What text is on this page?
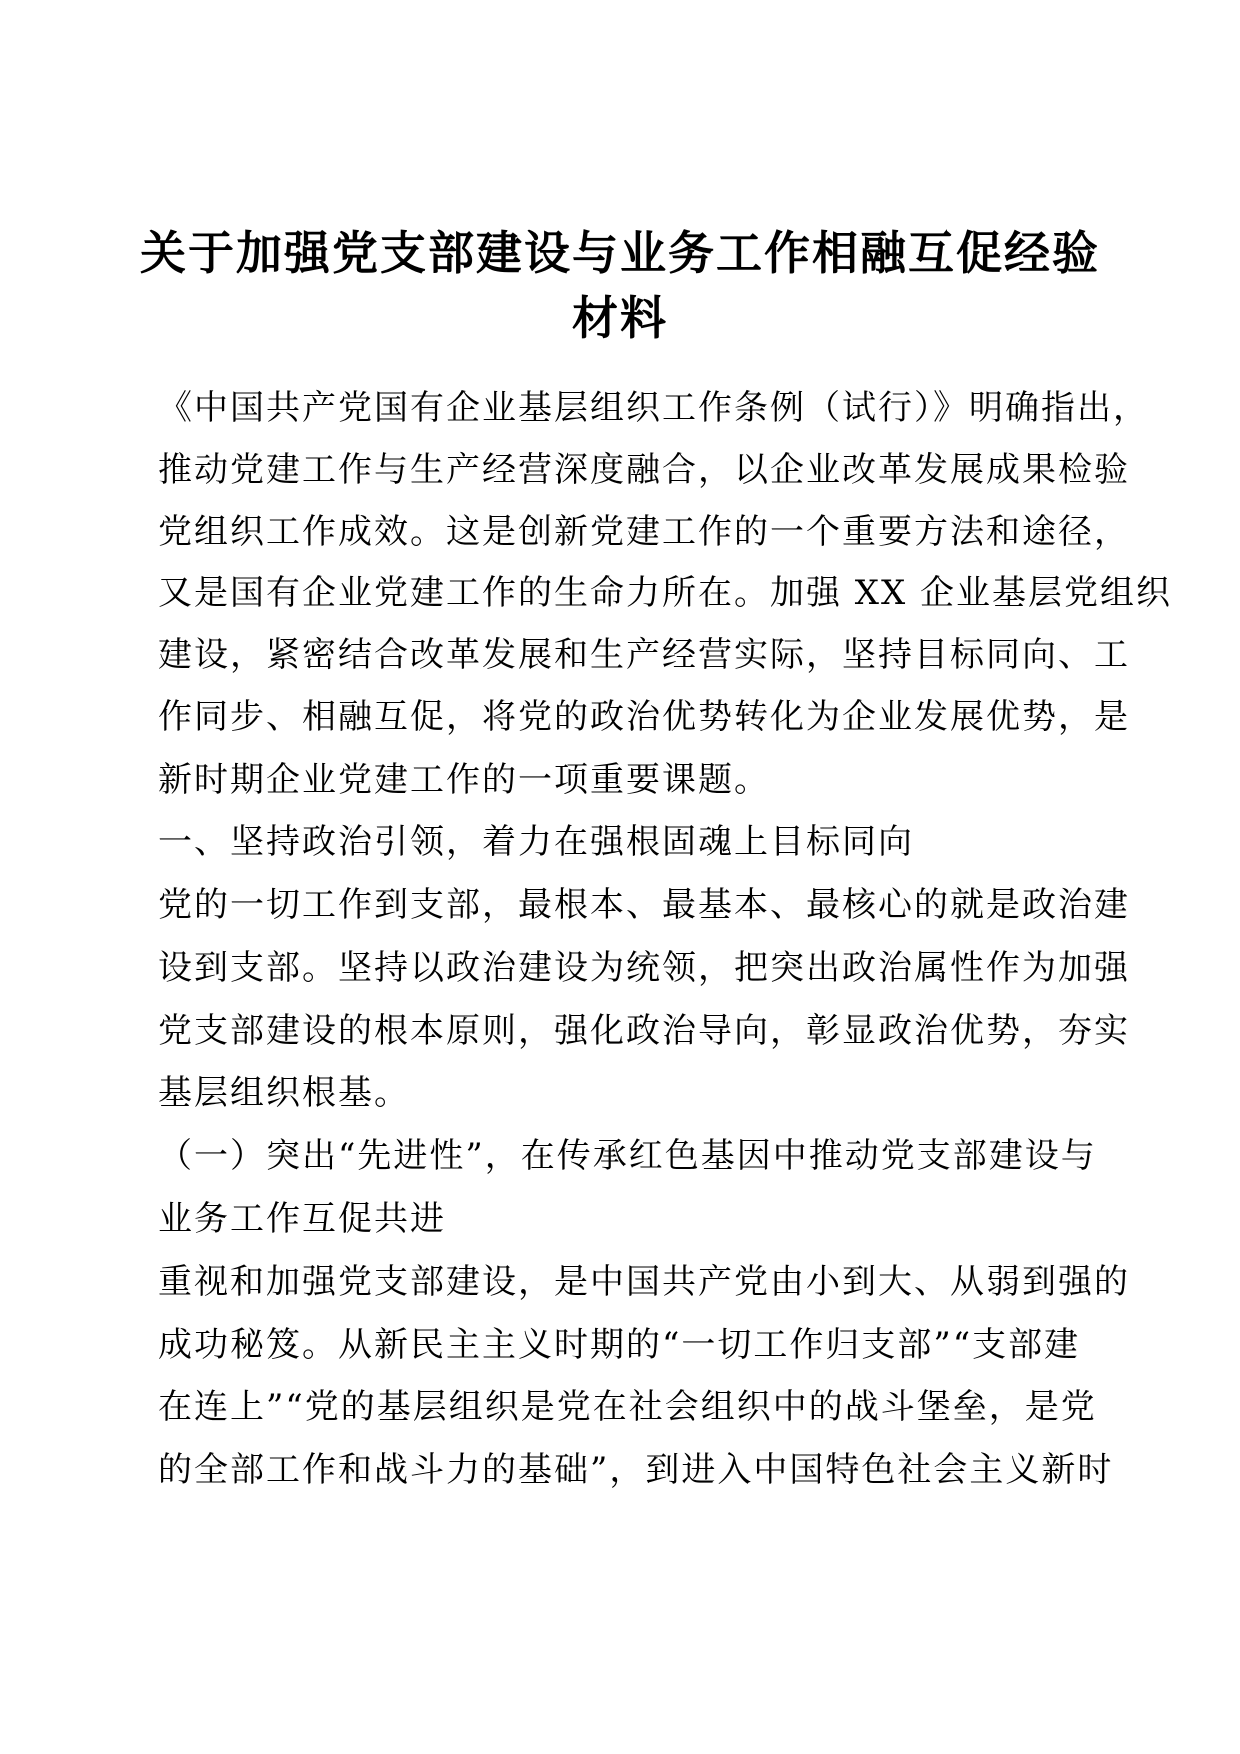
关于加强党支部建设与业务工作相融互促经验
材料
《中国共产党国有企业基层组织工作条例（试行）》明确指出，
推动党建工作与生产经营深度融合，以企业改革发展成果检验
党组织工作成效。这是创新党建工作的一个重要方法和途径，
又是国有企业党建工作的生命力所在。加强 XX 企业基层党组织
建设，紧密结合改革发展和生产经营实际，坚持目标同向、工
作同步、相融互促，将党的政治优势转化为企业发展优势，是
新时期企业党建工作的一项重要课题。
一、坚持政治引领，着力在强根固魂上目标同向
党的一切工作到支部，最根本、最基本、最核心的就是政治建
设到支部。坚持以政治建设为统领，把突出政治属性作为加强
党支部建设的根本原则，强化政治导向，彰显政治优势，夯实
基层组织根基。
（一）突出“先进性”，在传承红色基因中推动党支部建设与
业务工作互促共进
重视和加强党支部建设，是中国共产党由小到大、从弱到强的
成功秘笈。从新民主主义时期的“一切工作归支部”“支部建
在连上”“党的基层组织是党在社会组织中的战斗堡垒，是党
的全部工作和战斗力的基础”，到进入中国特色社会主义新时
